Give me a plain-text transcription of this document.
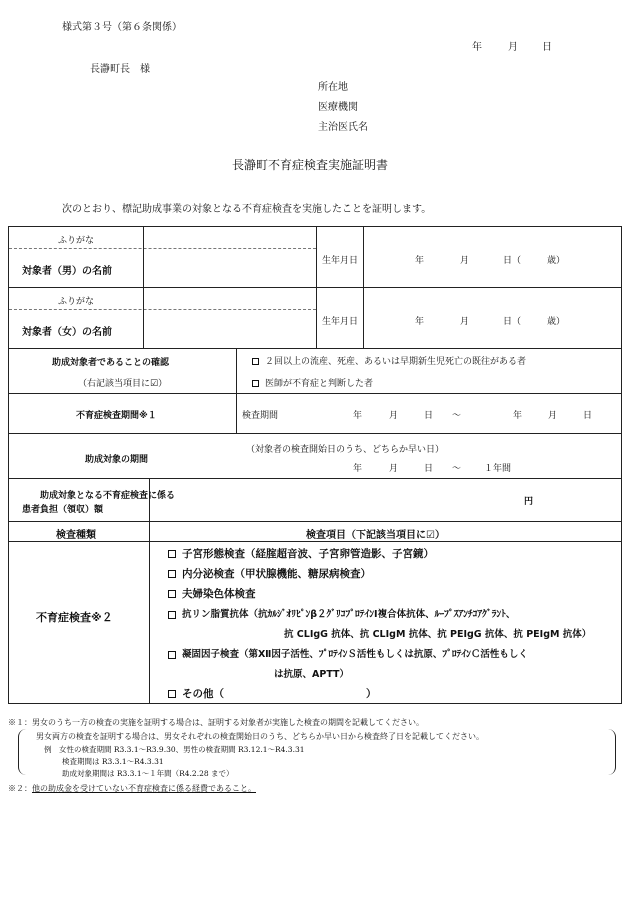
様式第３号（第６条関係）
年	月 日
長瀞町長　様
所在地
医療機関
主治医氏名
長瀞町不育症検査実施証明書
次のとおり、標記助成事業の対象となる不育症検査を実施したことを証明します。
ふりがな
対象者（男）の名前
生年月日	年	月	日（	歳）
ふりがな
対象者（女）の名前
生年月日	年	月	日（	歳）
助成対象者であることの確認
（右記該当項目に☑）
２回以上の流産、死産、あるいは早期新生児死亡の既往がある者
医師が不育症と判断した者
不育症検査期間※１	検査期間	年	月	日 ～	年	月	日
助成対象の期間
（対象者の検査開始日のうち、どちらか早い日）
年	月	日 ～	１年間
助成対象となる不育症検査に係る
患者負担（領収）額
円
検査種類	検査項目（下記該当項目に☑）
不育症検査※２
子宮形態検査（経腟超音波、子宮卵管造影、子宮鏡）
内分泌検査（甲状腺機能、糖尿病検査）
夫婦染色体検査
抗リン脂質抗体（抗ｶﾙｼﾞｵﾘﾋﾟﾝβ２ｸﾞﾘｺﾌﾟﾛﾃｲﾝⅠ複合体抗体、ﾙｰﾌﾟｽｱﾝﾁｺｱｸﾞﾗﾝﾄ、
抗 CLIgG 抗体、抗 CLIgM 抗体、抗 PEIgG 抗体、抗 PEIgM 抗体）
凝固因子検査（第Ⅻ因子活性、ﾌﾟﾛﾃｲﾝＳ活性もしくは抗原、ﾌﾟﾛﾃｲﾝＣ活性もしく
は抗原、APTT）
その他（	）
※１：男女のうち一方の検査の実施を証明する場合は、証明する対象者が実施した検査の期間を記載してください。
男女両方の検査を証明する場合は、男女それぞれの検査開始日のうち、どちらか早い日から検査終了日を記載してください。
例　女性の検査期間 R3.3.1～R3.9.30、男性の検査期間 R3.12.1～R4.3.31
検査期間は R3.3.1～R4.3.31
助成対象期間は R3.3.1～１年間（R4.2.28 まで）
※２：他の助成金を受けていない不育症検査に係る経費であること。
